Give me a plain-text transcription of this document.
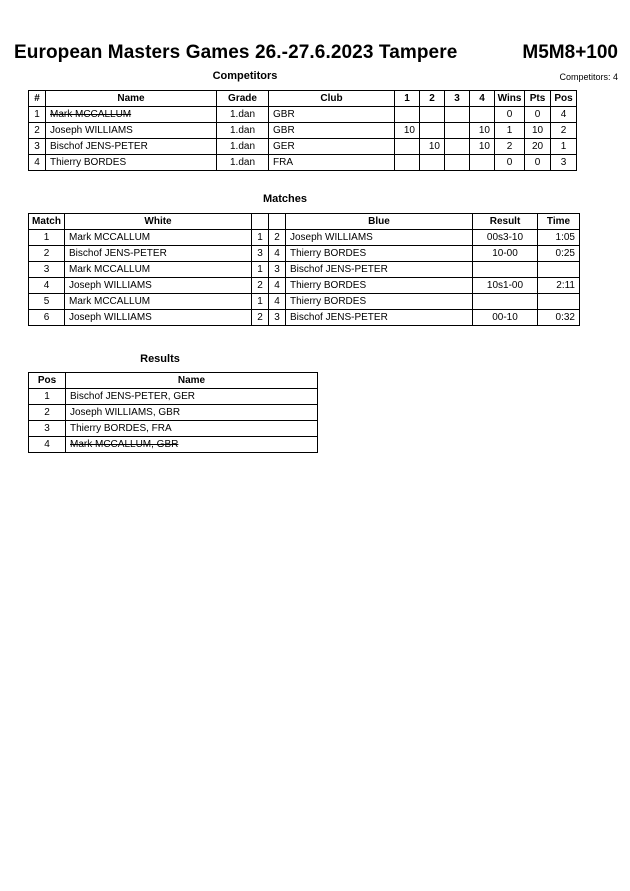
European Masters Games 26.-27.6.2023 Tampere	M5M8+100
Competitors	Competitors: 4
#	Name	Grade	Club	1	2	3	4	Wins	Pts	Pos
1	Mark MCCALLUM	1.dan	GBR					0	0	4
2	Joseph WILLIAMS	1.dan	GBR	10			10	1	10	2
3	Bischof JENS-PETER	1.dan	GER		10		10	2	20	1
4	Thierry BORDES	1.dan	FRA					0	0	3
Matches
Match	White			Blue	Result	Time
1	Mark MCCALLUM	1	2	Joseph WILLIAMS	00s3-10	1:05
2	Bischof JENS-PETER	3	4	Thierry BORDES	10-00	0:25
3	Mark MCCALLUM	1	3	Bischof JENS-PETER		
4	Joseph WILLIAMS	2	4	Thierry BORDES	10s1-00	2:11
5	Mark MCCALLUM	1	4	Thierry BORDES		
6	Joseph WILLIAMS	2	3	Bischof JENS-PETER	00-10	0:32
Results
Pos	Name
1	Bischof JENS-PETER, GER
2	Joseph WILLIAMS, GBR
3	Thierry BORDES, FRA
4	Mark MCCALLUM, GBR
